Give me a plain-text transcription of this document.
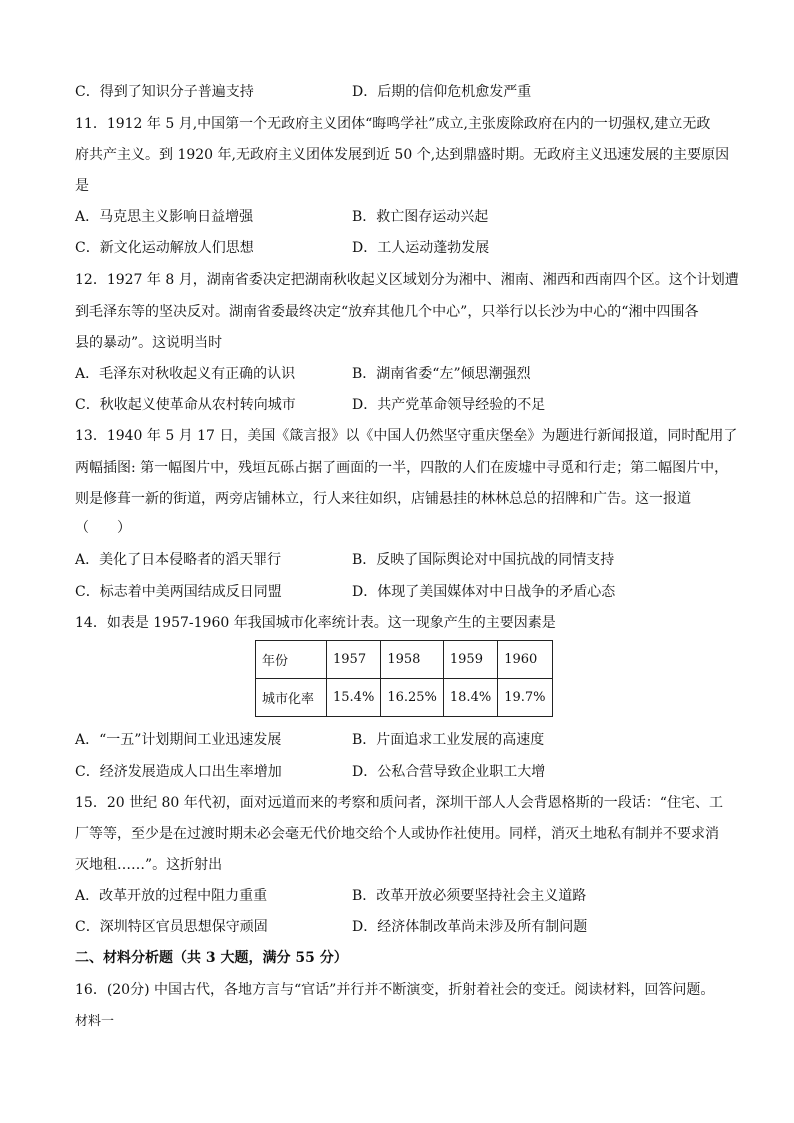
C．得到了知识分子普遍支持	D．后期的信仰危机愈发严重
11．1912 年 5 月,中国第一个无政府主义团体“晦鸣学社”成立,主张废除政府在内的一切强权,建立无政
府共产主义。到 1920 年,无政府主义团体发展到近 50 个,达到鼎盛时期。无政府主义迅速发展的主要原因
是
A．马克思主义影响日益增强	B．救亡图存运动兴起
C．新文化运动解放人们思想	D．工人运动蓬勃发展
12．1927 年 8 月，湖南省委决定把湖南秋收起义区域划分为湘中、湘南、湘西和西南四个区。这个计划遭
到毛泽东等的坚决反对。湖南省委最终决定“放弃其他几个中心”，只举行以长沙为中心的“湘中四围各
县的暴动”。这说明当时
A．毛泽东对秋收起义有正确的认识	B．湖南省委“左”倾思潮强烈
C．秋收起义使革命从农村转向城市	D．共产党革命领导经验的不足
13．1940 年 5 月 17 日，美国《箴言报》以《中国人仍然坚守重庆堡垒》为题进行新闻报道，同时配用了
两幅插图: 第一幅图片中，残垣瓦砾占据了画面的一半，四散的人们在废墟中寻觅和行走；第二幅图片中，
则是修葺一新的街道，两旁店铺林立，行人来往如织，店铺悬挂的林林总总的招牌和广告。这一报道
（　　）
A．美化了日本侵略者的滔天罪行	B．反映了国际舆论对中国抗战的同情支持
C．标志着中美两国结成反日同盟	D．体现了美国媒体对中日战争的矛盾心态
14．如表是 1957-1960 年我国城市化率统计表。这一现象产生的主要因素是
年份	1957	1958	1959	1960
城市化率	15.4%	16.25%	18.4%	19.7%
A．“一五”计划期间工业迅速发展	B．片面追求工业发展的高速度
C．经济发展造成人口出生率增加	D．公私合营导致企业职工大增
15．20 世纪 80 年代初，面对远道而来的考察和质问者，深圳干部人人会背恩格斯的一段话：“住宅、工
厂等等，至少是在过渡时期未必会毫无代价地交给个人或协作社使用。同样，消灭土地私有制并不要求消
灭地租……”。这折射出
A．改革开放的过程中阻力重重	B．改革开放必须要坚持社会主义道路
C．深圳特区官员思想保守顽固	D．经济体制改革尚未涉及所有制问题
二、材料分析题（共 3 大题，满分 55 分）
16．(20分) 中国古代，各地方言与“官话”并行并不断演变，折射着社会的变迁。阅读材料，回答问题。
材料一
